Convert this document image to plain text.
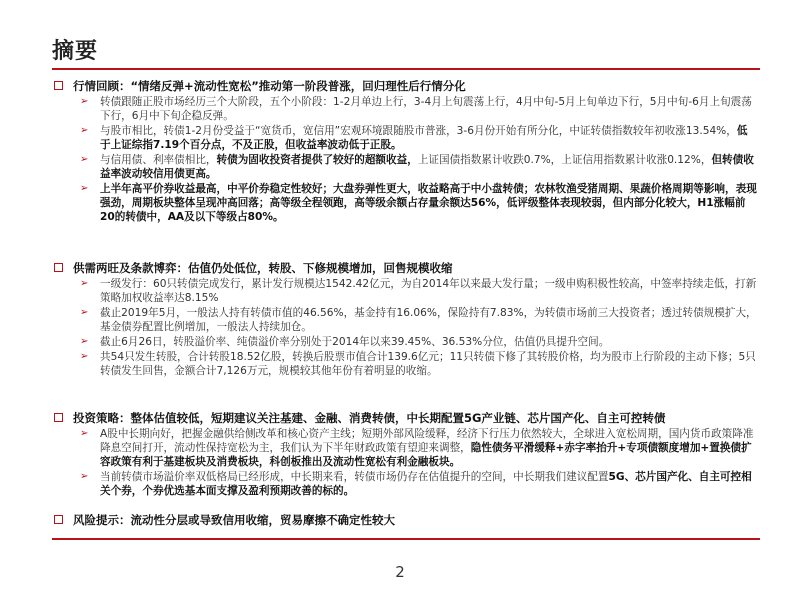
摘要
行情回顾：“情绪反弹+流动性宽松”推动第一阶段普涨，回归理性后行情分化
➢	转债跟随正股市场经历三个大阶段，五个小阶段：1-2月单边上行，3-4月上旬震荡上行，4月中旬-5月上旬单边下行，5月中旬-6月上旬震荡下行，6月中下旬企稳反弹。
➢	与股市相比，转债1-2月份受益于“宽货币，宽信用”宏观环境跟随股市普涨，3-6月份开始有所分化，中证转债指数较年初收涨13.54%，低于上证综指7.19个百分点，不及正股，但收益率波动低于正股。
➢	与信用债、利率债相比，转债为固收投资者提供了较好的超额收益，上证国债指数累计收跌0.7%，上证信用指数累计收涨0.12%，但转债收益率波动较信用债更高。
➢	上半年高平价券收益最高，中平价券稳定性较好；大盘券弹性更大，收益略高于中小盘转债；农林牧渔受猪周期、果蔬价格周期等影响，表现强劲，周期板块整体呈现冲高回落；高等级全程领跑，高等级余额占存量余额达56%，低评级整体表现较弱，但内部分化较大，H1涨幅前20的转债中，AA及以下等级占80%。
供需两旺及条款博弈：估值仍处低位，转股、下修规模增加，回售规模收缩
➢	一级发行：60只转债完成发行，累计发行规模达1542.42亿元，为自2014年以来最大发行量；一级申购积极性较高，中签率持续走低，打新策略加权收益率达8.15%
➢	截止2019年5月，一般法人持有转债市值的46.56%，基金持有16.06%，保险持有7.83%，为转债市场前三大投资者；透过转债规模扩大，基金债券配置比例增加，一般法人持续加仓。
➢	截止6月26日，转股溢价率、纯债溢价率分别处于2014年以来39.45%、36.53%分位，估值仍具提升空间。
➢	共54只发生转股，合计转股18.52亿股，转换后股票市值合计139.6亿元；11只转债下修了其转股价格，均为股市上行阶段的主动下修；5只转债发生回售，金额合计7,126万元，规模较其他年份有着明显的收缩。
投资策略：整体估值较低，短期建议关注基建、金融、消费转债，中长期配置5G产业链、芯片国产化、自主可控转债
➢	A股中长期向好，把握金融供给侧改革和核心资产主线；短期外部风险缓释，经济下行压力依然较大，全球进入宽松周期，国内货币政策降准降息空间打开，流动性保持宽松为主，我们认为下半年财政政策有望迎来调整，隐性债务平滑缓释+赤字率抬升+专项债额度增加+置换债扩容政策有利于基建板块及消费板块，科创板推出及流动性宽松有利金融板块。
➢	当前转债市场溢价率双低格局已经形成，中长期来看，转债市场仍存在估值提升的空间，中长期我们建议配置5G、芯片国产化、自主可控相关个券，个券优选基本面支撑及盈利预期改善的标的。
风险提示：流动性分层或导致信用收缩，贸易摩擦不确定性较大
2
